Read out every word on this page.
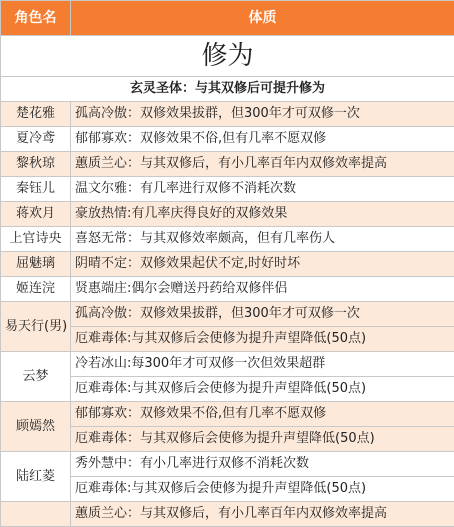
角色名	体质
修为	
玄灵圣体：与其双修后可提升修为	
楚花雅	孤高冷傲：双修效果拔群，但300年才可双修一次
夏冷鸢	郁郁寡欢：双修效果不俗,但有几率不愿双修
黎秋琼	蕙质兰心：与其双修后，有小几率百年内双修效率提高
秦钰儿	温文尔雅：有几率进行双修不消耗次数
蒋欢月	豪放热情:有几率庆得良好的双修效果
上官诗央	喜怒无常：与其双修效率颇高，但有几率伤人
屈魅璃	阴晴不定：双修效果起伏不定,时好时坏
姬连浣	贤惠端庄:偶尔会赠送丹药给双修伴侣
易天行(男)	孤高冷傲：双修效果拔群，但300年才可双修一次
	厄难毒体:与其双修后会使修为提升声望降低(50点)
云梦	冷若冰山:每300年才可双修一次但效果超群
	厄难毒体:与其双修后会使修为提升声望降低(50点)
顾嫣然	郁郁寡欢：双修效果不俗,但有几率不愿双修
	厄难毒体：与其双修后会使修为提升声望降低(50点)
陆红菱	秀外慧中：有小几率进行双修不消耗次数
	厄难毒体:与其双修后会使修为提升声望降低(50点)
	蕙质兰心：与其双修后，有小几率百年内双修效率提高
